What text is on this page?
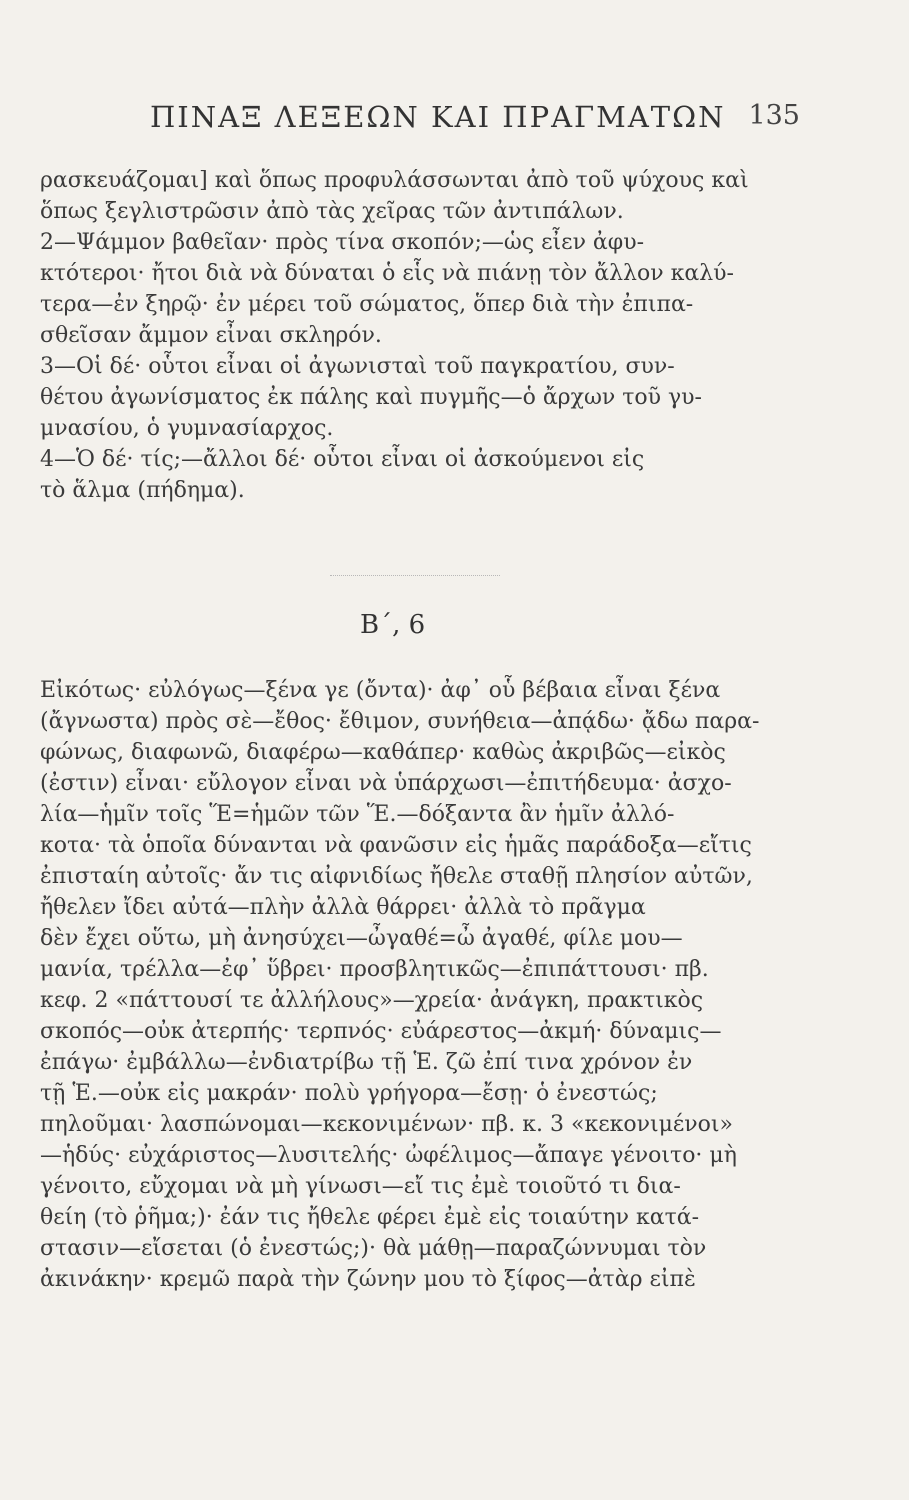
ΠΙΝΑΞ ΛΕΞΕΩΝ ΚΑΙ ΠΡΑΓΜΑΤΩΝ 135
ρασκευάζομαι] καὶ ὅπως προφυλάσσωνται ἀπὸ τοῦ ψύχους καὶ
ὅπως ξεγλιστρῶσιν ἀπὸ τὰς χεῖρας τῶν ἀντιπάλων.
2—Ψάμμον βαθεῖαν· πρὸς τίνα σκοπόν;—ὡς εἶεν ἀφυ-
κτότεροι· ἤτοι διὰ νὰ δύναται ὁ εἷς νὰ πιάνῃ τὸν ἄλλον καλύ-
τερα—ἐν ξηρῷ· ἐν μέρει τοῦ σώματος, ὅπερ διὰ τὴν ἐπιπα-
σθεῖσαν ἄμμον εἶναι σκληρόν.
3—Οἱ δέ· οὗτοι εἶναι οἱ ἀγωνισταὶ τοῦ παγκρατίου, συν-
θέτου ἀγωνίσματος ἐκ πάλης καὶ πυγμῆς—ὁ ἄρχων τοῦ γυ-
μνασίου, ὁ γυμνασίαρχος.
4—Ὁ δέ· τίς;—ἄλλοι δέ· οὗτοι εἶναι οἱ ἀσκούμενοι εἰς
τὸ ἅλμα (πήδημα).
Β΄, 6
Εἰκότως· εὐλόγως—ξένα γε (ὄντα)· ἀφ᾽ οὗ βέβαια εἶναι ξένα
(ἄγνωστα) πρὸς σὲ—ἔθος· ἔθιμον, συνήθεια—ἀπᾴδω· ᾄδω παρα-
φώνως, διαφωνῶ, διαφέρω—καθάπερ· καθὼς ἀκριβῶς—εἰκὸς
(ἐστιν) εἶναι· εὔλογον εἶναι νὰ ὑπάρχωσι—ἐπιτήδευμα· ἀσχο-
λία—ἡμῖν τοῖς Ἕ=ἡμῶν τῶν Ἕ.—δόξαντα ἂν ἡμῖν ἀλλό-
κοτα· τὰ ὁποῖα δύνανται νὰ φανῶσιν εἰς ἡμᾶς παράδοξα—εἴτις
ἐπισταίη αὐτοῖς· ἄν τις αἰφνιδίως ἤθελε σταθῇ πλησίον αὐτῶν,
ἤθελεν ἴδει αὐτά—πλὴν ἀλλὰ θάρρει· ἀλλὰ τὸ πρᾶγμα
δὲν ἔχει οὕτω, μὴ ἀνησύχει—ὦγαθέ=ὦ ἀγαθέ, φίλε μου—
μανία, τρέλλα—ἐφ᾽ ὕβρει· προσβλητικῶς—ἐπιπάττουσι· πβ.
κεφ. 2 «πάττουσί τε ἀλλήλους»—χρεία· ἀνάγκη, πρακτικὸς
σκοπός—οὐκ ἀτερπής· τερπνός· εὐάρεστος—ἀκμή· δύναμις—
ἐπάγω· ἐμβάλλω—ἐνδιατρίβω τῇ Ἑ. ζῶ ἐπί τινα χρόνον ἐν
τῇ Ἑ.—οὐκ εἰς μακράν· πολὺ γρήγορα—ἔσῃ· ὁ ἐνεστώς;
πηλοῦμαι· λασπώνομαι—κεκονιμένων· πβ. κ. 3 «κεκονιμένοι»
—ἡδύς· εὐχάριστος—λυσιτελής· ὠφέλιμος—ἄπαγε γένοιτο· μὴ
γένοιτο, εὔχομαι νὰ μὴ γίνωσι—εἴ τις ἐμὲ τοιοῦτό τι δια-
θείη (τὸ ῥῆμα;)· ἐάν τις ἤθελε φέρει ἐμὲ εἰς τοιαύτην κατά-
στασιν—εἴσεται (ὁ ἐνεστώς;)· θὰ μάθῃ—παραζώννυμαι τὸν
ἀκινάκην· κρεμῶ παρὰ τὴν ζώνην μου τὸ ξίφος—ἀτὰρ εἰπὲ
